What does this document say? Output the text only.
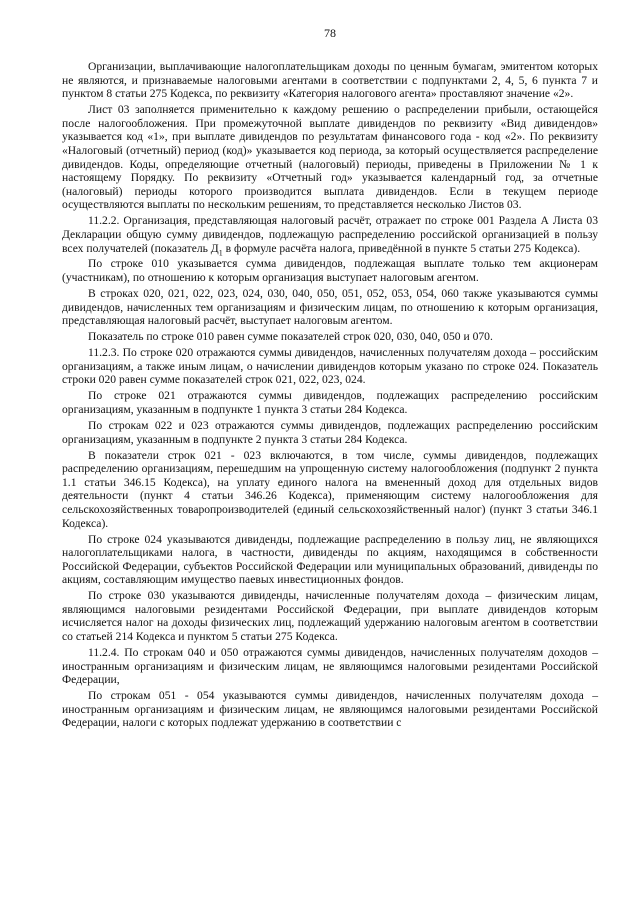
78

Организации, выплачивающие налогоплательщикам доходы по ценным бумагам, эмитентом которых не являются, и признаваемые налоговыми агентами в соответствии с подпунктами 2, 4, 5, 6 пункта 7 и пунктом 8 статьи 275 Кодекса, по реквизиту «Категория налогового агента» проставляют значение «2».

Лист 03 заполняется применительно к каждому решению о распределении прибыли, остающейся после налогообложения. При промежуточной выплате дивидендов по реквизиту «Вид дивидендов» указывается код «1», при выплате дивидендов по результатам финансового года - код «2». По реквизиту «Налоговый (отчетный) период (код)» указывается код периода, за который осуществляется распределение дивидендов. Коды, определяющие отчетный (налоговый) периоды, приведены в Приложении № 1 к настоящему Порядку. По реквизиту «Отчетный год» указывается календарный год, за отчетные (налоговый) периоды которого производится выплата дивидендов. Если в текущем периоде осуществляются выплаты по нескольким решениям, то представляется несколько Листов 03.

11.2.2. Организация, представляющая налоговый расчёт, отражает по строке 001 Раздела А Листа 03 Декларации общую сумму дивидендов, подлежащую распределению российской организацией в пользу всех получателей (показатель $Д_1$ в формуле расчёта налога, приведённой в пункте 5 статьи 275 Кодекса).

По строке 010 указывается сумма дивидендов, подлежащая выплате только тем акционерам (участникам), по отношению к которым организация выступает налоговым агентом.

В строках 020, 021, 022, 023, 024, 030, 040, 050, 051, 052, 053, 054, 060 также указываются суммы дивидендов, начисленных тем организациям и физическим лицам, по отношению к которым организация, представляющая налоговый расчёт, выступает налоговым агентом.

Показатель по строке 010 равен сумме показателей строк 020, 030, 040, 050 и 070.

11.2.3. По строке 020 отражаются суммы дивидендов, начисленных получателям дохода – российским организациям, а также иным лицам, о начислении дивидендов которым указано по строке 024. Показатель строки 020 равен сумме показателей строк 021, 022, 023, 024.

По строке 021 отражаются суммы дивидендов, подлежащих распределению российским организациям, указанным в подпункте 1 пункта 3 статьи 284 Кодекса.

По строкам 022 и 023 отражаются суммы дивидендов, подлежащих распределению российским организациям, указанным в подпункте 2 пункта 3 статьи 284 Кодекса.

В показатели строк 021 - 023 включаются, в том числе, суммы дивидендов, подлежащих распределению организациям, перешедшим на упрощенную систему налогообложения (подпункт 2 пункта 1.1 статьи 346.15 Кодекса), на уплату единого налога на вмененный доход для отдельных видов деятельности (пункт 4 статьи 346.26 Кодекса), применяющим систему налогообложения для сельскохозяйственных товаропроизводителей (единый сельскохозяйственный налог) (пункт 3 статьи 346.1 Кодекса).

По строке 024 указываются дивиденды, подлежащие распределению в пользу лиц, не являющихся налогоплательщиками налога, в частности, дивиденды по акциям, находящимся в собственности Российской Федерации, субъектов Российской Федерации или муниципальных образований, дивиденды по акциям, составляющим имущество паевых инвестиционных фондов.

По строке 030 указываются дивиденды, начисленные получателям дохода – физическим лицам, являющимся налоговыми резидентами Российской Федерации, при выплате дивидендов которым исчисляется налог на доходы физических лиц, подлежащий удержанию налоговым агентом в соответствии со статьей 214 Кодекса и пунктом 5 статьи 275 Кодекса.

11.2.4. По строкам 040 и 050 отражаются суммы дивидендов, начисленных получателям доходов – иностранным организациям и физическим лицам, не являющимся налоговыми резидентами Российской Федерации,

По строкам 051 - 054 указываются суммы дивидендов, начисленных получателям дохода – иностранным организациям и физическим лицам, не являющимся налоговыми резидентами Российской Федерации, налоги с которых подлежат удержанию в соответствии с
